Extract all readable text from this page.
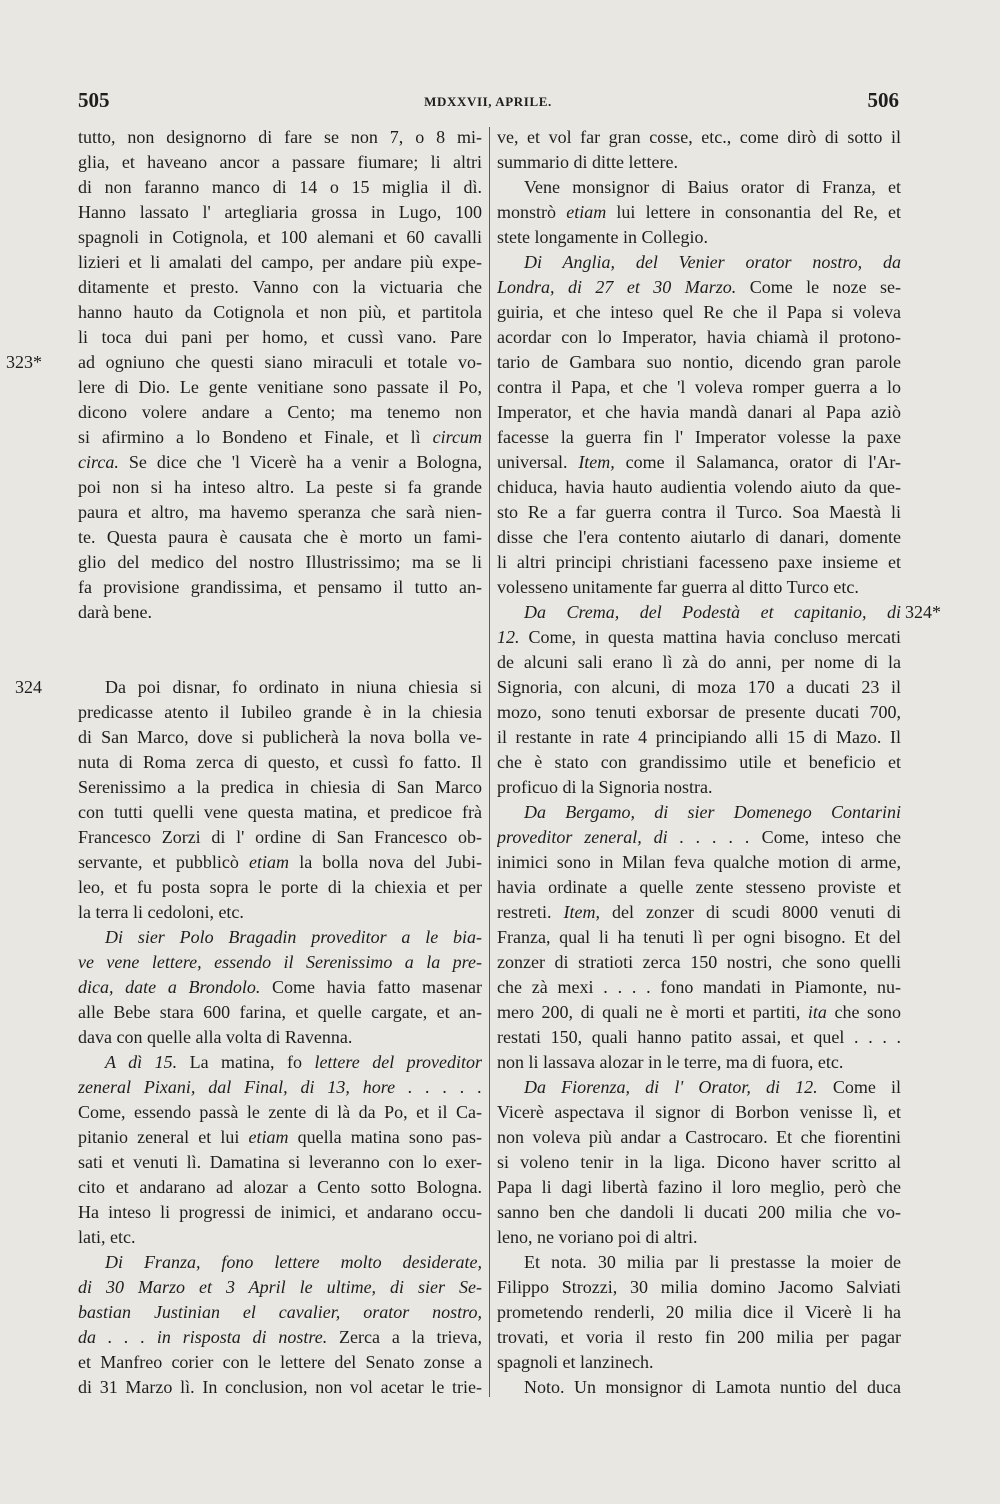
505	MDXXVII, APRILE.	506
tutto, non designorno di fare se non 7, o 8 mi-
glia, et haveano ancor a passare fiumare; li altri
di non faranno manco di 14 o 15 miglia il dì.
Hanno lassato l' artegliaria grossa in Lugo, 100
spagnoli in Cotignola, et 100 alemani et 60 cavalli
lizieri et li amalati del campo, per andare più expe-
ditamente et presto. Vanno con la victuaria che
hanno hauto da Cotignola et non più, et partitola
li toca dui pani per homo, et cussì vano. Pare
ad ogniuno che questi siano miraculi et totale vo-
323*
lere di Dio. Le gente venitiane sono passate il Po,
dicono volere andare a Cento; ma tenemo non
si afirmino a lo Bondeno et Finale, et lì circum
circa. Se dice che 'l Vicerè ha a venir a Bologna,
poi non si ha inteso altro. La peste si fa grande
paura et altro, ma havemo speranza che sarà nien-
te. Questa paura è causata che è morto un fami-
glio del medico del nostro Illustrissimo; ma se li
fa provisione grandissima, et pensamo il tutto an-
darà bene.
Da poi disnar, fo ordinato in niuna chiesia si
324
predicasse atento il Iubileo grande è in la chiesia
di San Marco, dove si publicherà la nova bolla ve-
nuta di Roma zerca di questo, et cussì fo fatto. Il
Serenissimo a la predica in chiesia di San Marco
con tutti quelli vene questa matina, et predicoe frà
Francesco Zorzi di l' ordine di San Francesco ob-
servante, et pubblicò etiam la bolla nova del Jubi-
leo, et fu posta sopra le porte di la chiexia et per
la terra li cedoloni, etc.
Di sier Polo Bragadin proveditor a le bia-
ve vene lettere, essendo il Serenissimo a la pre-
dica, date a Brondolo. Come havia fatto masenar
alle Bebe stara 600 farina, et quelle cargate, et an-
dava con quelle alla volta di Ravenna.
A dì 15. La matina, fo lettere del proveditor
zeneral Pixani, dal Final, di 13, hore . . . . .
Come, essendo passà le zente di là da Po, et il Ca-
pitanio zeneral et lui etiam quella matina sono pas-
sati et venuti lì. Damatina si leveranno con lo exer-
cito et andarano ad alozar a Cento sotto Bologna.
Ha inteso li progressi de inimici, et andarano occu-
lati, etc.
Di Franza, fono lettere molto desiderate,
di 30 Marzo et 3 April le ultime, di sier Se-
bastian Justinian el cavalier, orator nostro,
da . . . in risposta di nostre. Zerca a la trieva,
et Manfreo corier con le lettere del Senato zonse a
di 31 Marzo lì. In conclusion, non vol acetar le trie-
ve, et vol far gran cosse, etc., come dirò di sotto il
summario di ditte lettere.
Vene monsignor di Baius orator di Franza, et
monstrò etiam lui lettere in consonantia del Re, et
stete longamente in Collegio.
Di Anglia, del Venier orator nostro, da
Londra, di 27 et 30 Marzo. Come le noze se-
guiria, et che inteso quel Re che il Papa si voleva
acordar con lo Imperator, havia chiamà il protono-
tario de Gambara suo nontio, dicendo gran parole
contra il Papa, et che 'l voleva romper guerra a lo
Imperator, et che havia mandà danari al Papa aziò
facesse la guerra fin l' Imperator volesse la paxe
universal. Item, come il Salamanca, orator di l'Ar-
chiduca, havia hauto audientia volendo aiuto da que-
sto Re a far guerra contra il Turco. Soa Maestà li
disse che l'era contento aiutarlo di danari, domente
li altri principi christiani facesseno paxe insieme et
volesseno unitamente far guerra al ditto Turco etc.
Da Crema, del Podestà et capitanio, di 324*
12. Come, in questa mattina havia concluso mercati
de alcuni sali erano lì zà do anni, per nome di la
Signoria, con alcuni, di moza 170 a ducati 23 il
mozo, sono tenuti exborsar de presente ducati 700,
il restante in rate 4 principiando alli 15 di Mazo. Il
che è stato con grandissimo utile et beneficio et
proficuo di la Signoria nostra.
Da Bergamo, di sier Domenego Contarini
proveditor zeneral, di . . . . . Come, inteso che
inimici sono in Milan feva qualche motion di arme,
havia ordinate a quelle zente stesseno proviste et
restreti. Item, del zonzer di scudi 8000 venuti di
Franza, qual li ha tenuti lì per ogni bisogno. Et del
zonzer di stratioti zerca 150 nostri, che sono quelli
che zà mexi . . . . fono mandati in Piamonte, nu-
mero 200, di quali ne è morti et partiti, ita che sono
restati 150, quali hanno patito assai, et quel . . . .
non li lassava alozar in le terre, ma di fuora, etc.
Da Fiorenza, di l' Orator, di 12. Come il
Vicerè aspectava il signor di Borbon venisse lì, et
non voleva più andar a Castrocaro. Et che fiorentini
si voleno tenir in la liga. Dicono haver scritto al
Papa li dagi libertà fazino il loro meglio, però che
sanno ben che dandoli li ducati 200 milia che vo-
leno, ne voriano poi di altri.
Et nota. 30 milia par li prestasse la moier de
Filippo Strozzi, 30 milia domino Jacomo Salviati
prometendo renderli, 20 milia dice il Vicerè li ha
trovati, et voria il resto fin 200 milia per pagar
spagnoli et lanzinech.
Noto. Un monsignor di Lamota nuntio del duca
